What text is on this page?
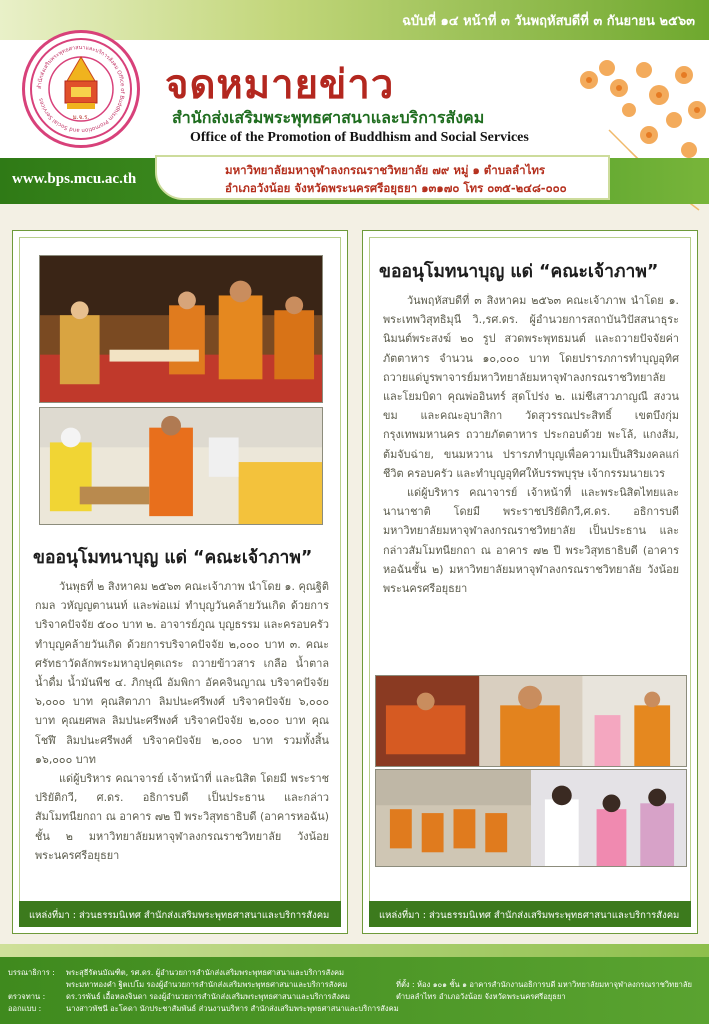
ฉบับที่ ๑๔ หน้าที่ ๓ วันพฤหัสบดีที่ ๓ กันยายน ๒๕๖๓
สำนักส่งเสริมพระพุทธศาสนาและบริการสังคม Office of Buddhism Promotion and Social Services
ม.จ.ร.
จดหมายข่าว
สำนักส่งเสริมพระพุทธศาสนาและบริการสังคม
Office of the Promotion of Buddhism and Social Services
www.bps.mcu.ac.th
มหาวิทยาลัยมหาจุฬาลงกรณราชวิทยาลัย ๗๙ หมู่ ๑ ตำบลลำไทร
อำเภอวังน้อย จังหวัดพระนครศรีอยุธยา ๑๓๑๗๐ โทร ๐๓๕-๒๔๘-๐๐๐
ขออนุโมทนาบุญ แด่ “คณะเจ้าภาพ”

วันพุธที่ ๒ สิงหาคม ๒๕๖๓ คณะเจ้าภาพ นำโดย ๑. คุณฐิติกมล วหัญญตานนท์ และพ่อแม่ ทำบุญวันคล้ายวันเกิด ด้วยการบริจาคปัจจัย ๕๐๐ บาท ๒. อาจารย์ภูณ บุญธรรม และครอบครัว ทำบุญคล้ายวันเกิด ด้วยการบริจาคปัจจัย ๒,๐๐๐ บาท ๓. คณะศรัทธาวัดลักพระมหาอุปคุตเถระ ถวายข้าวสาร เกลือ น้ำตาล น้ำดื่ม น้ำมันพืช ๔. ภิกษุณี อัมพิกา อัคคจินญาณ บริจาคปัจจัย ๖,๐๐๐ บาท คุณสิตาภา ลิมปนะศรีพงศ์ บริจาคปัจจัย ๖,๐๐๐ บาท คุณยศพล ลิมปนะศรีพงศ์ บริจาคปัจจัย ๒,๐๐๐ บาท คุณโชฬี ลิมปนะศรีพงศ์ บริจาคปัจจัย ๒,๐๐๐ บาท รวมทั้งสิ้น ๑๖,๐๐๐ บาท

แด่ผู้บริหาร คณาจารย์ เจ้าหน้าที่ และนิสิต โดยมี พระราชปริยัติกวี, ศ.ดร. อธิการบดี เป็นประธาน และกล่าวสัมโมทนียกถา ณ อาคาร ๗๒ ปี พระวิสุทธาธิบดี (อาคารหอฉัน) ชั้น ๒ มหาวิทยาลัยมหาจุฬาลงกรณราชวิทยาลัย วังน้อย พระนครศรีอยุธยา

แหล่งที่มา : ส่วนธรรมนิเทศ สำนักส่งเสริมพระพุทธศาสนาและบริการสังคม
ขออนุโมทนาบุญ แด่ “คณะเจ้าภาพ”

วันพฤหัสบดีที่ ๓ สิงหาคม ๒๕๖๓ คณะเจ้าภาพ นำโดย ๑. พระเทพวิสุทธิมุนี วิ.,รศ.ดร. ผู้อำนวยการสถาบันวิปัสสนาธุระ นิมนต์พระสงฆ์ ๒๐ รูป สวดพระพุทธมนต์ และถวายปัจจัยค่าภัตตาหาร จำนวน ๑๐,๐๐๐ บาท โดยปรารภการทำบุญอุทิศถวายแด่บูรพาจารย์มหาวิทยาลัยมหาจุฬาลงกรณราชวิทยาลัย และโยมบิดา คุณพ่ออินทร์ สุดโปร่ง ๒. แม่ชีเสาวภาญณี สงวนขม และคณะอุบาสิกา วัดสุวรรณประสิทธิ์ เขตบึงกุ่ม กรุงเทพมหานคร ถวายภัตตาหาร ประกอบด้วย พะโล้, แกงส้ม, ต้มจับฉ่าย, ขนมหวาน ปรารภทำบุญเพื่อความเป็นสิริมงคลแก่ชีวิต ครอบครัว และทำบุญอุทิศให้บรรพบุรุษ เจ้ากรรมนายเวร

แด่ผู้บริหาร คณาจารย์ เจ้าหน้าที่ และพระนิสิตไทยและนานาชาติ โดยมี พระราชปริยัติกวี,ศ.ดร. อธิการบดีมหาวิทยาลัยมหาจุฬาลงกรณราชวิทยาลัย เป็นประธาน และกล่าวสัมโมทนียกถา ณ อาคาร ๗๒ ปี พระวิสุทธาธิบดี (อาคารหอฉันชั้น ๒) มหาวิทยาลัยมหาจุฬาลงกรณราชวิทยาลัย วังน้อย พระนครศรีอยุธยา

แหล่งที่มา : ส่วนธรรมนิเทศ สำนักส่งเสริมพระพุทธศาสนาและบริการสังคม
บรรณาธิการ : พระสุธีรัตนบัณฑิต, รศ.ดร. ผู้อำนวยการสำนักส่งเสริมพระพุทธศาสนาและบริการสังคม
พระมหาทองคำ ฐิตเปโม รองผู้อำนวยการสำนักส่งเสริมพระพุทธศาสนาและบริการสังคม
ตรวจทาน :	ดร.วรพันธ์ เอื้อหลงจินดา รองผู้อำนวยการสำนักส่งเสริมพระพุทธศาสนาและบริการสังคม
ออกแบบ :	นางสาวพัชนี อะโคดา นักประชาสัมพันธ์ ส่วนงานบริหาร สำนักส่งเสริมพระพุทธศาสนาและบริการสังคม
ที่ตั้ง : ห้อง ๑๐๑ ชั้น ๑ อาคารสำนักงานอธิการบดี มหาวิทยาลัยมหาจุฬาลงกรณราชวิทยาลัย
ตำบลลำไทร อำเภอวังน้อย จังหวัดพระนครศรีอยุธยา
